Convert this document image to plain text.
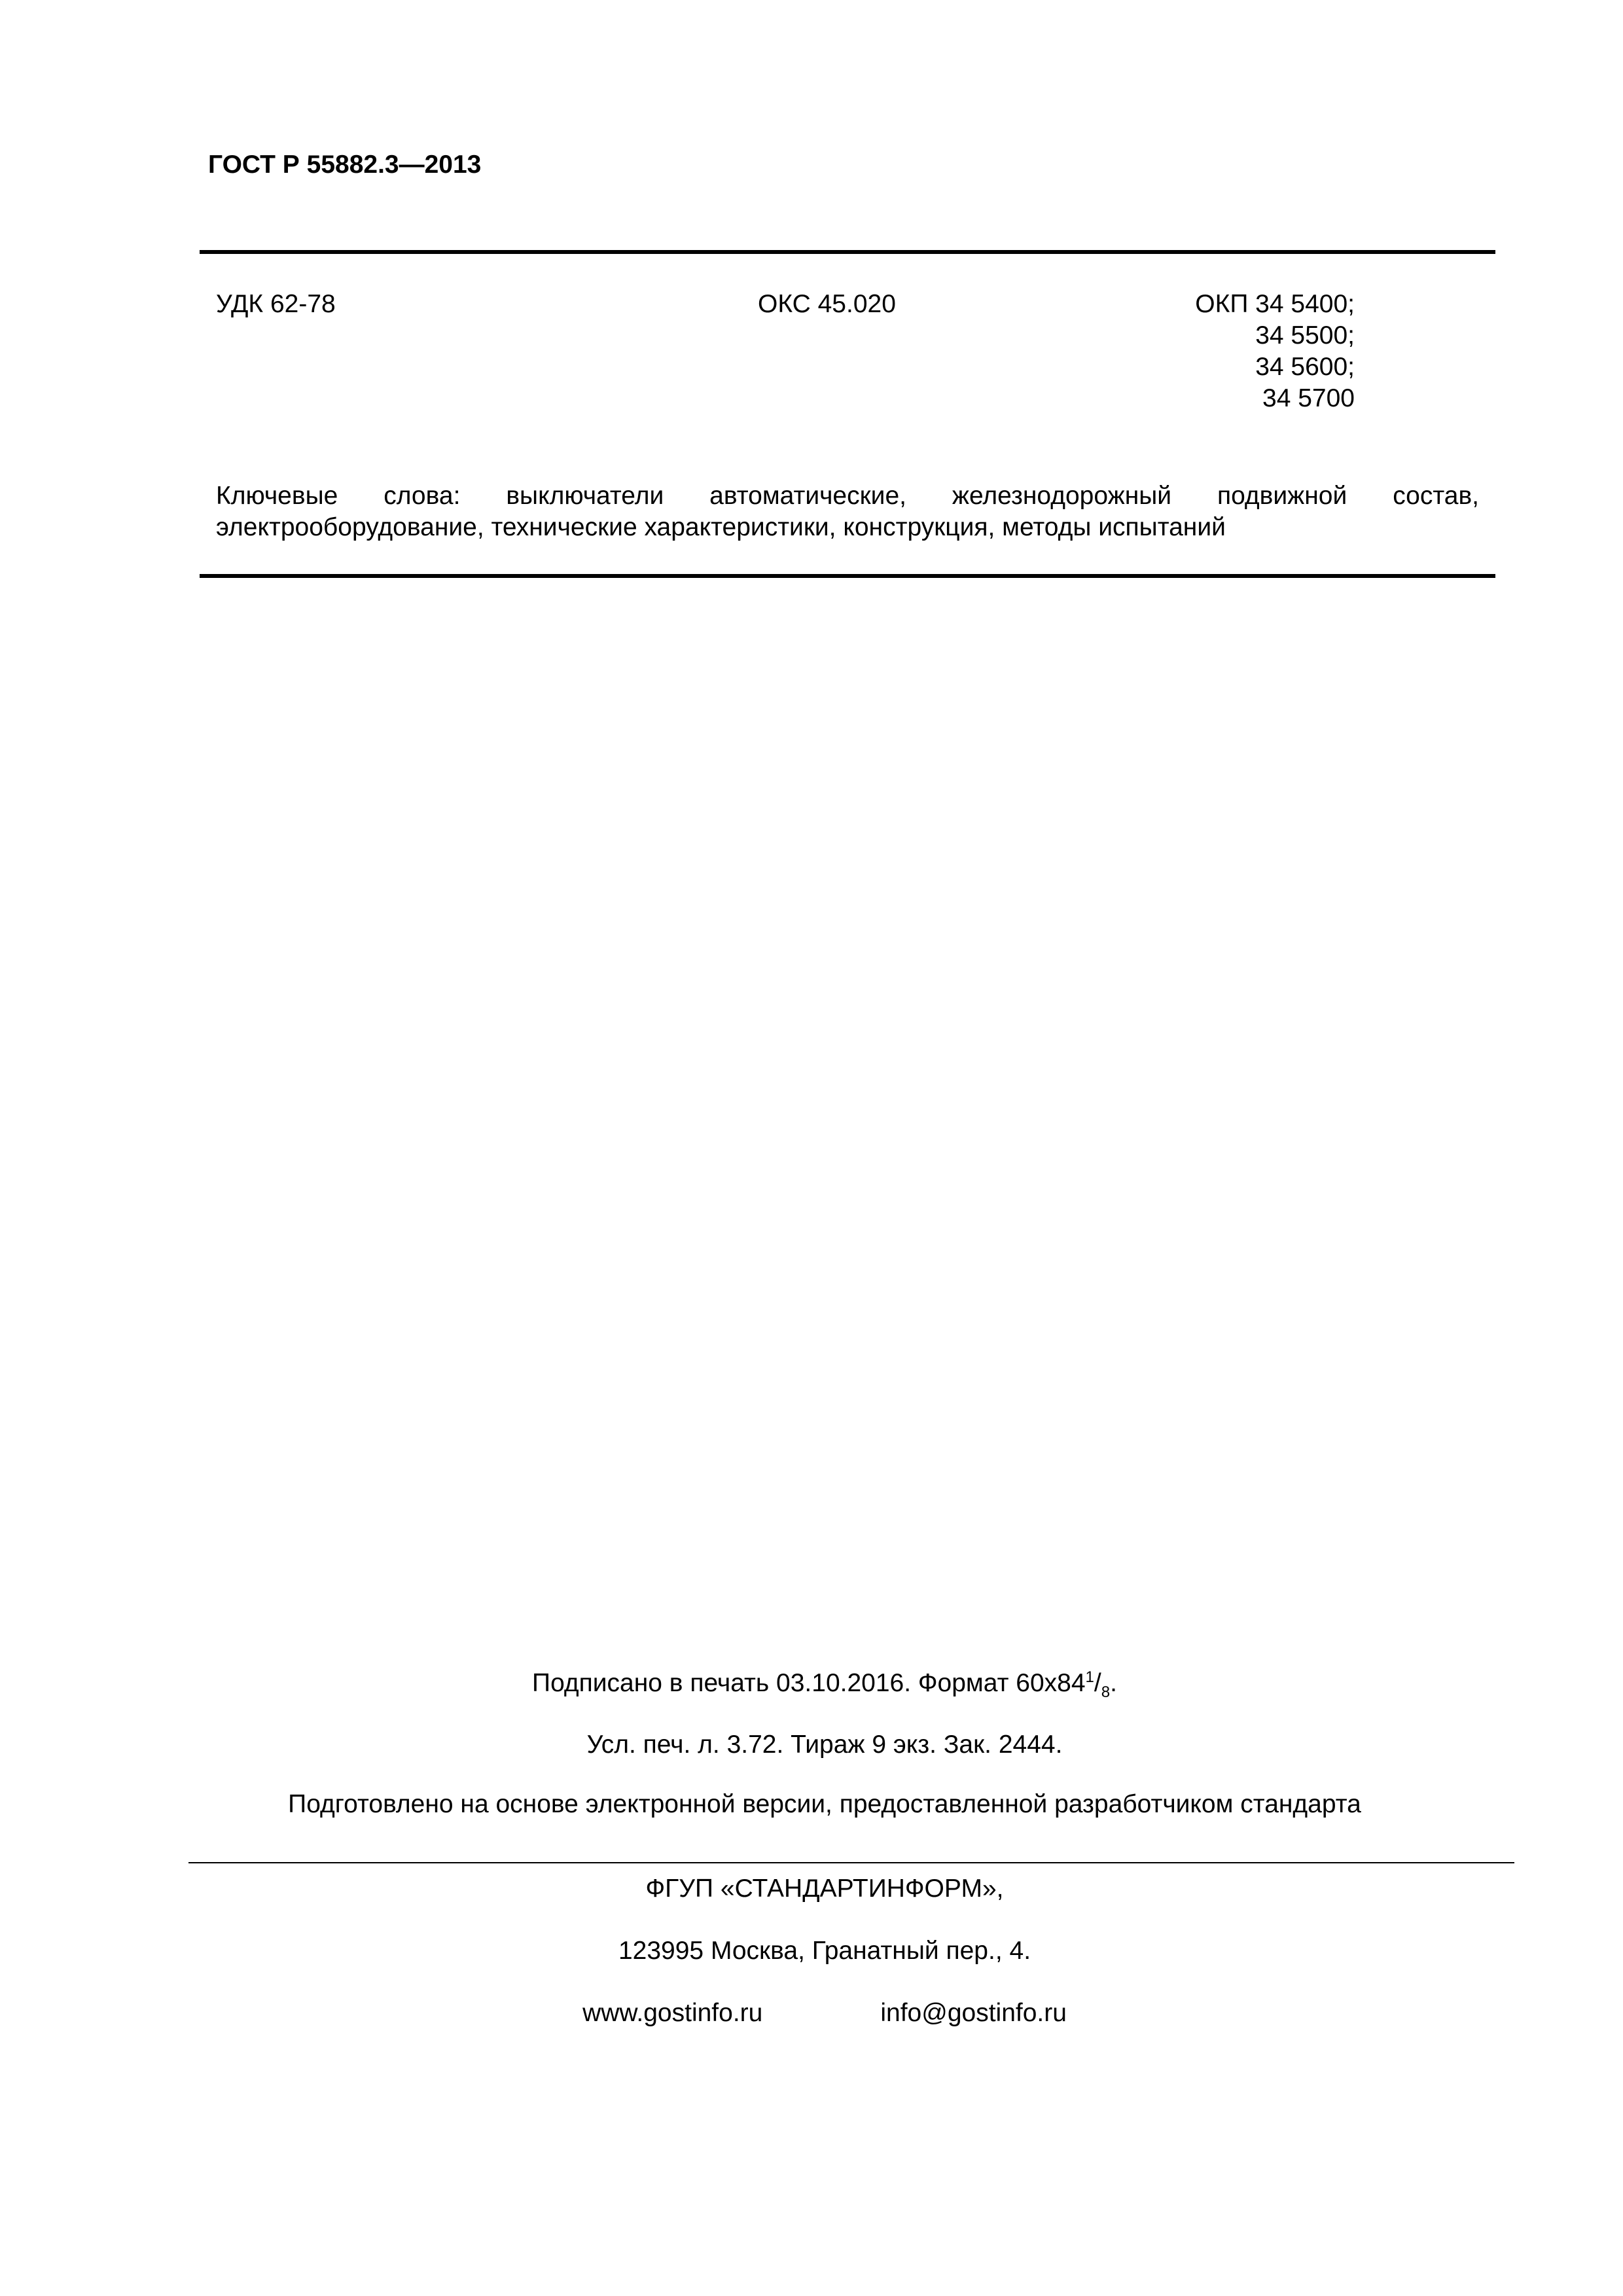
ГОСТ Р 55882.3—2013
УДК 62-78	ОКС 45.020	ОКП 34 5400;
34 5500;
34 5600;
34 5700
Ключевые слова: выключатели автоматические, железнодорожный подвижной состав,
электрооборудование, технические характеристики, конструкция, методы испытаний
Подписано в печать 03.10.2016. Формат $60x84^1/_8$.
Усл. печ. л. 3.72. Тираж 9 экз. Зак. 2444.
Подготовлено на основе электронной версии, предоставленной разработчиком стандарта
ФГУП «СТАНДАРТИНФОРМ»,
123995 Москва, Гранатный пер., 4.
www.gostinfo.ru	info@gostinfo.ru
